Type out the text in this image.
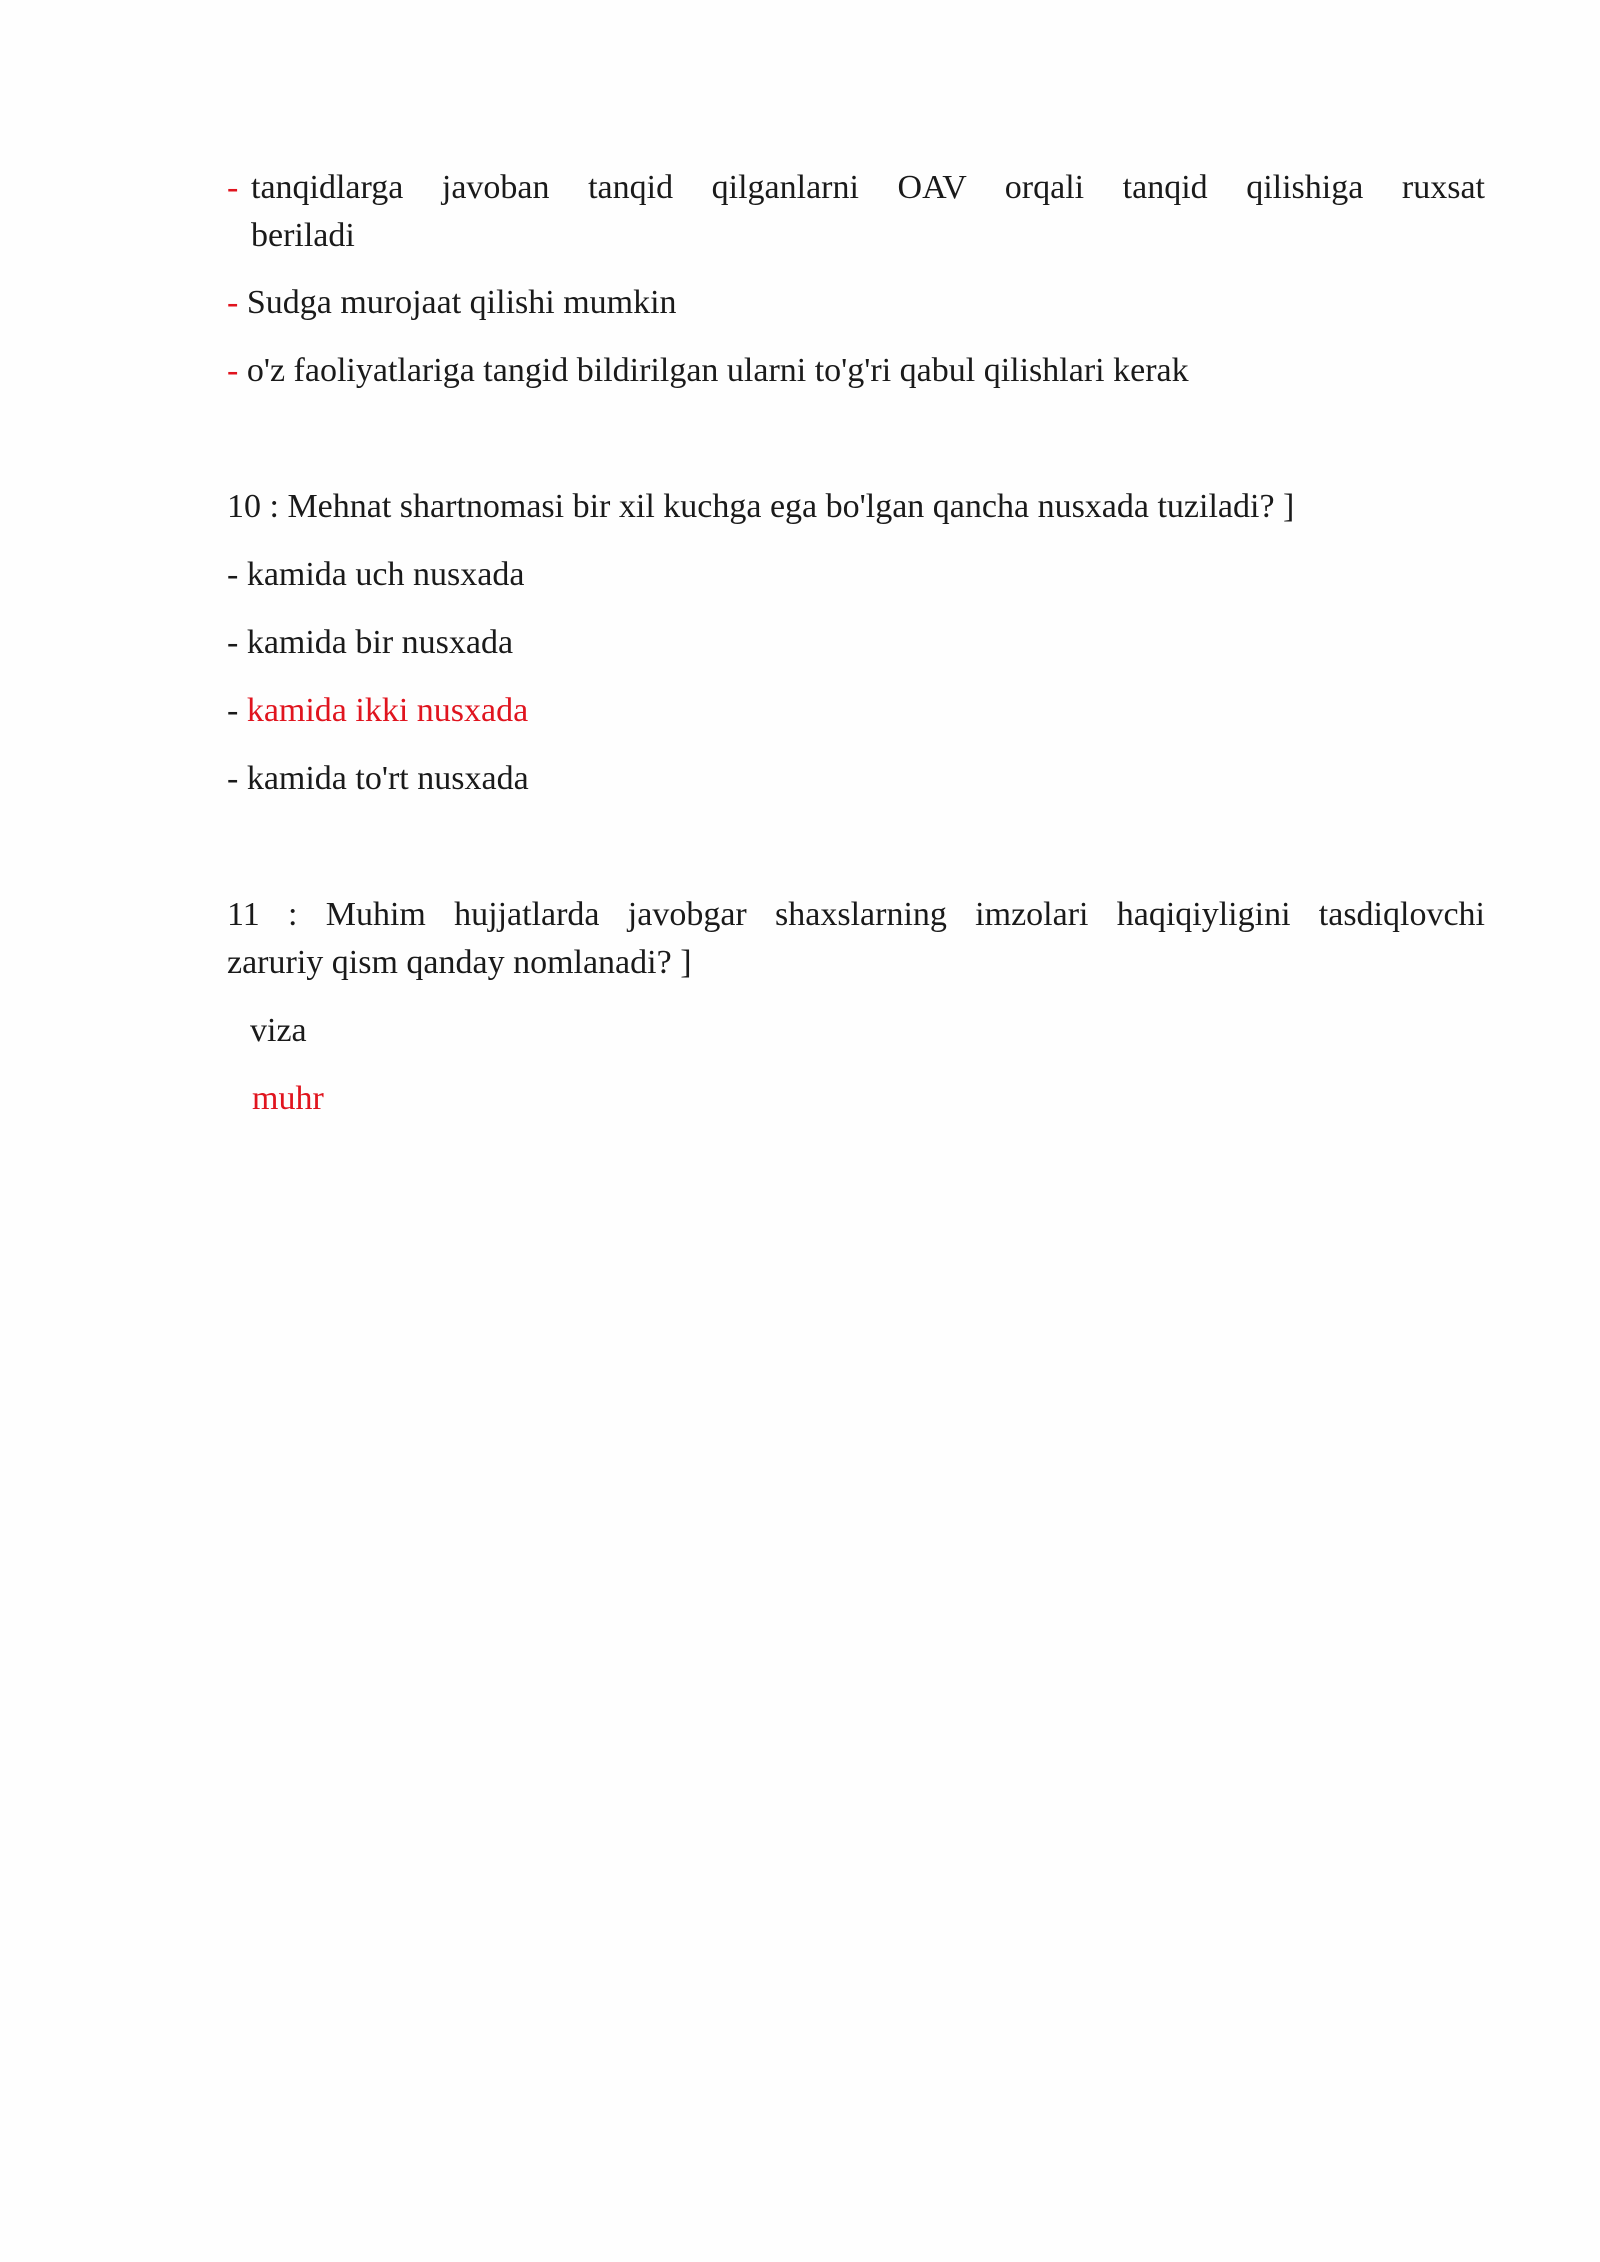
- tanqidlarga javoban tanqid qilganlarni OAV orqali tanqid qilishiga ruxsat
beriladi
- Sudga murojaat qilishi mumkin
- o'z faoliyatlariga tangid bildirilgan ularni to'g'ri qabul qilishlari kerak
10 : Mehnat shartnomasi bir xil kuchga ega bo'lgan qancha nusxada tuziladi? ]
- kamida uch nusxada
- kamida bir nusxada
- kamida ikki nusxada
- kamida to'rt nusxada
11 : Muhim hujjatlarda javobgar shaxslarning imzolari haqiqiyligini tasdiqlovchi
zaruriy qism qanday nomlanadi? ]
viza
muhr
